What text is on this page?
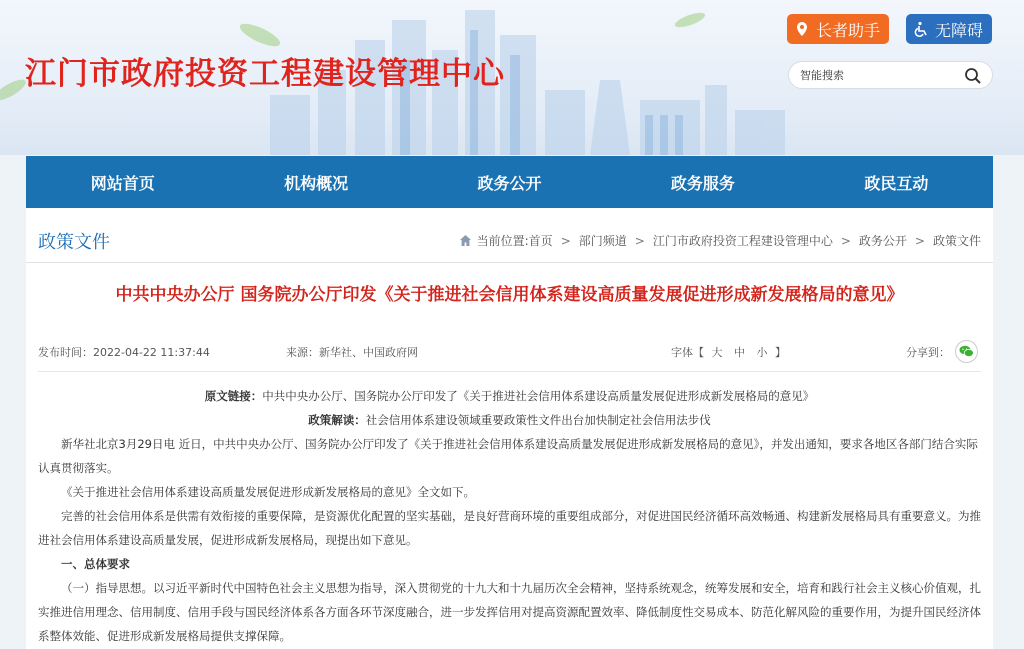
江门市政府投资工程建设管理中心
长者助手	无障碍
智能搜索
网站首页	机构概况	政务公开	政务服务	政民互动
政策文件	当前位置: 首页 > 部门频道 > 江门市政府投资工程建设管理中心 > 政务公开 > 政策文件
中共中央办公厅 国务院办公厅印发《关于推进社会信用体系建设高质量发展促进形成新发展格局的意见》
发布时间：2022-04-22 11:37:44	来源：新华社、中国政府网	字体【 大 中 小 】	分享到：

原文链接：中共中央办公厅、国务院办公厅印发了《关于推进社会信用体系建设高质量发展促进形成新发展格局的意见》

政策解读：社会信用体系建设领域重要政策性文件出台加快制定社会信用法步伐

新华社北京3月29日电 近日，中共中央办公厅、国务院办公厅印发了《关于推进社会信用体系建设高质量发展促进形成新发展格局的意见》，并发出通知，要求各地区各部门结合实际认真贯彻落实。

《关于推进社会信用体系建设高质量发展促进形成新发展格局的意见》全文如下。

完善的社会信用体系是供需有效衔接的重要保障，是资源优化配置的坚实基础，是良好营商环境的重要组成部分，对促进国民经济循环高效畅通、构建新发展格局具有重要意义。为推进社会信用体系建设高质量发展，促进形成新发展格局，现提出如下意见。

一、总体要求

（一）指导思想。以习近平新时代中国特色社会主义思想为指导，深入贯彻党的十九大和十九届历次全会精神，坚持系统观念，统筹发展和安全，培育和践行社会主义核心价值观，扎实推进信用理念、信用制度、信用手段与国民经济体系各方面各环节深度融合，进一步发挥信用对提高资源配置效率、降低制度性交易成本、防范化解风险的重要作用，为提升国民经济体系整体效能、促进形成新发展格局提供支撑保障。
